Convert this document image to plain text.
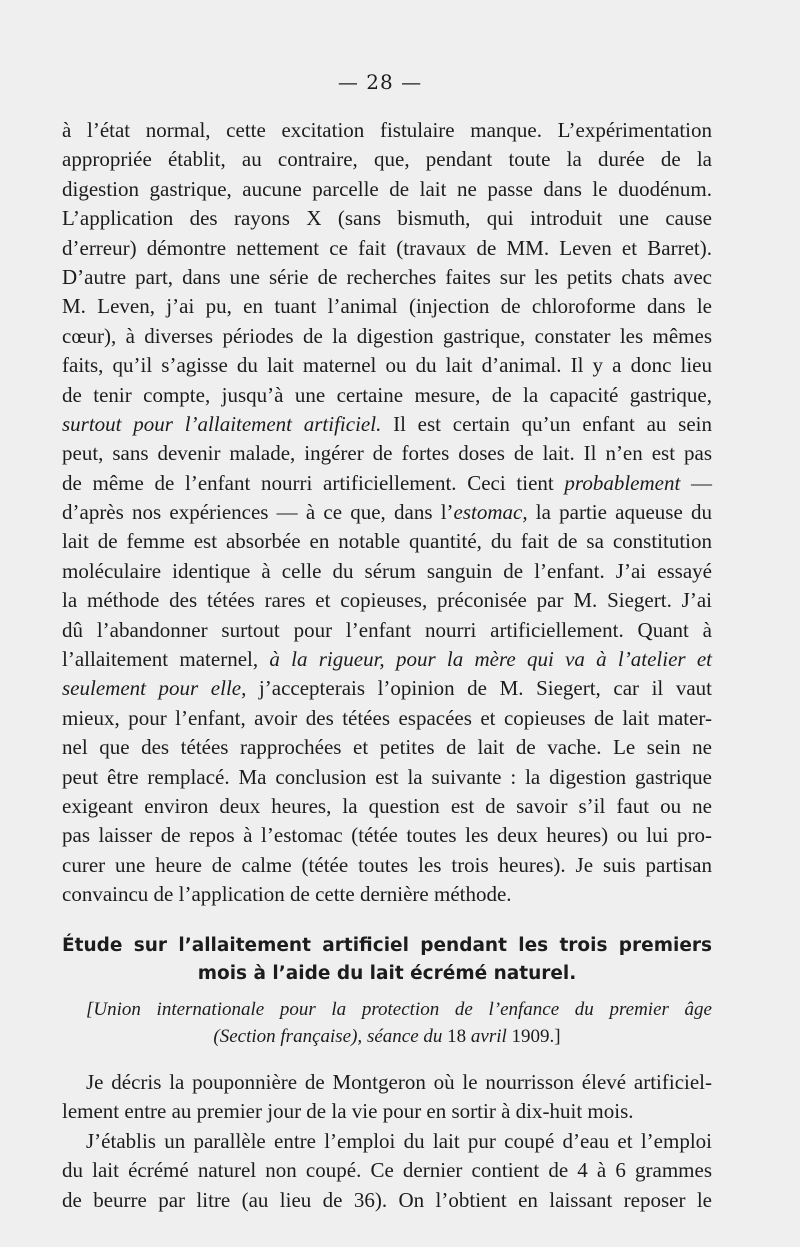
— 28 —
à l’état normal, cette excitation fistulaire manque. L’expérimentation
appropriée établit, au contraire, que, pendant toute la durée de la
digestion gastrique, aucune parcelle de lait ne passe dans le duodénum.
L’application des rayons X (sans bismuth, qui introduit une cause
d’erreur) démontre nettement ce fait (travaux de MM. Leven et Barret).
D’autre part, dans une série de recherches faites sur les petits chats avec
M. Leven, j’ai pu, en tuant l’animal (injection de chloroforme dans le
cœur), à diverses périodes de la digestion gastrique, constater les mêmes
faits, qu’il s’agisse du lait maternel ou du lait d’animal. Il y a donc lieu
de tenir compte, jusqu’à une certaine mesure, de la capacité gastrique,
surtout pour l’allaitement artificiel. Il est certain qu’un enfant au sein
peut, sans devenir malade, ingérer de fortes doses de lait. Il n’en est pas
de même de l’enfant nourri artificiellement. Ceci tient probablement —
d’après nos expériences — à ce que, dans l’estomac, la partie aqueuse du
lait de femme est absorbée en notable quantité, du fait de sa constitution
moléculaire identique à celle du sérum sanguin de l’enfant. J’ai essayé
la méthode des tétées rares et copieuses, préconisée par M. Siegert. J’ai
dû l’abandonner surtout pour l’enfant nourri artificiellement. Quant à
l’allaitement maternel, à la rigueur, pour la mère qui va à l’atelier et
seulement pour elle, j’accepterais l’opinion de M. Siegert, car il vaut
mieux, pour l’enfant, avoir des tétées espacées et copieuses de lait mater-
nel que des tétées rapprochées et petites de lait de vache. Le sein ne
peut être remplacé. Ma conclusion est la suivante : la digestion gastrique
exigeant environ deux heures, la question est de savoir s’il faut ou ne
pas laisser de repos à l’estomac (tétée toutes les deux heures) ou lui pro-
curer une heure de calme (tétée toutes les trois heures). Je suis partisan
convaincu de l’application de cette dernière méthode.
Étude sur l’allaitement artificiel pendant les trois premiers
mois à l’aide du lait écrémé naturel.
[Union internationale pour la protection de l’enfance du premier âge
(Section française), séance du 18 avril 1909.]
Je décris la pouponnière de Montgeron où le nourrisson élevé artificiel-
lement entre au premier jour de la vie pour en sortir à dix-huit mois.
J’établis un parallèle entre l’emploi du lait pur coupé d’eau et l’emploi
du lait écrémé naturel non coupé. Ce dernier contient de 4 à 6 grammes
de beurre par litre (au lieu de 36). On l’obtient en laissant reposer le
